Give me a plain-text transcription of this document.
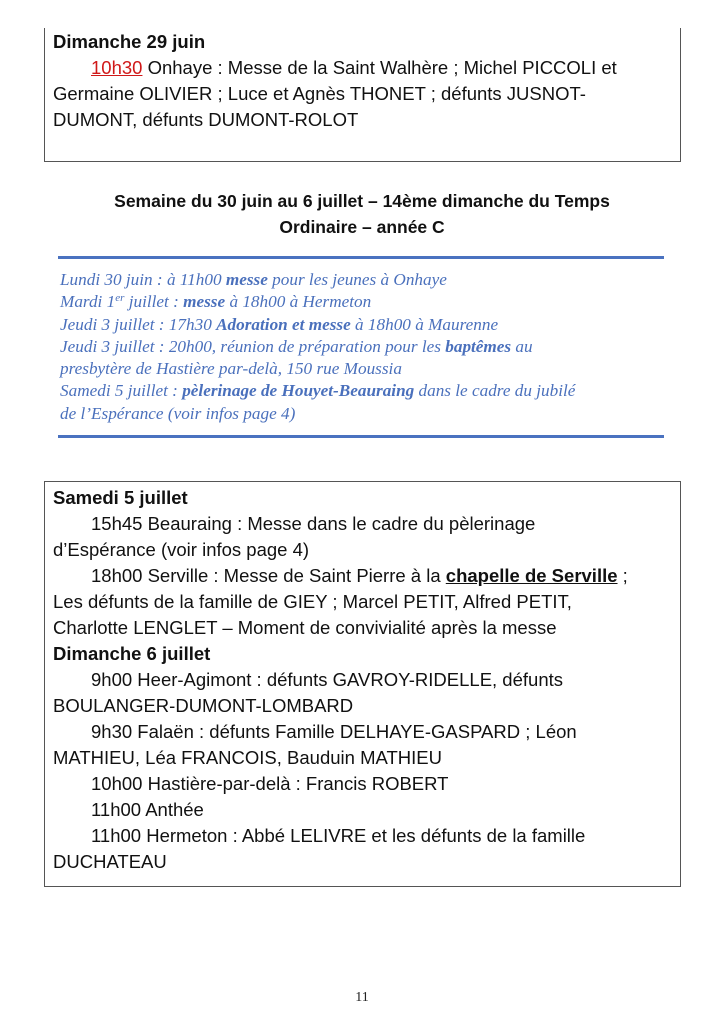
Dimanche 29 juin
10h30 Onhaye : Messe de la Saint Walhère ; Michel PICCOLI et
Germaine OLIVIER ; Luce et Agnès THONET ; défunts JUSNOT-
DUMONT, défunts DUMONT-ROLOT
Semaine du 30 juin au 6 juillet – 14ème dimanche du Temps
Ordinaire – année C
Lundi 30 juin : à 11h00 messe pour les jeunes à Onhaye
Mardi 1er juillet : messe à 18h00 à Hermeton
Jeudi 3 juillet : 17h30 Adoration et messe à 18h00 à Maurenne
Jeudi 3 juillet : 20h00, réunion de préparation pour les baptêmes au
presbytère de Hastière par-delà, 150 rue Moussia
Samedi 5 juillet : pèlerinage de Houyet-Beauraing dans le cadre du jubilé
de l’Espérance (voir infos page 4)
Samedi 5 juillet
15h45 Beauraing : Messe dans le cadre du pèlerinage
d’Espérance (voir infos page 4)
18h00 Serville : Messe de Saint Pierre à la chapelle de Serville ;
Les défunts de la famille de GIEY ; Marcel PETIT, Alfred PETIT,
Charlotte LENGLET – Moment de convivialité après la messe
Dimanche 6 juillet
9h00 Heer-Agimont : défunts GAVROY-RIDELLE, défunts
BOULANGER-DUMONT-LOMBARD
9h30 Falaën : défunts Famille DELHAYE-GASPARD ; Léon
MATHIEU, Léa FRANCOIS, Bauduin MATHIEU
10h00 Hastière-par-delà : Francis ROBERT
11h00 Anthée
11h00 Hermeton : Abbé LELIVRE et les défunts de la famille
DUCHATEAU
11
